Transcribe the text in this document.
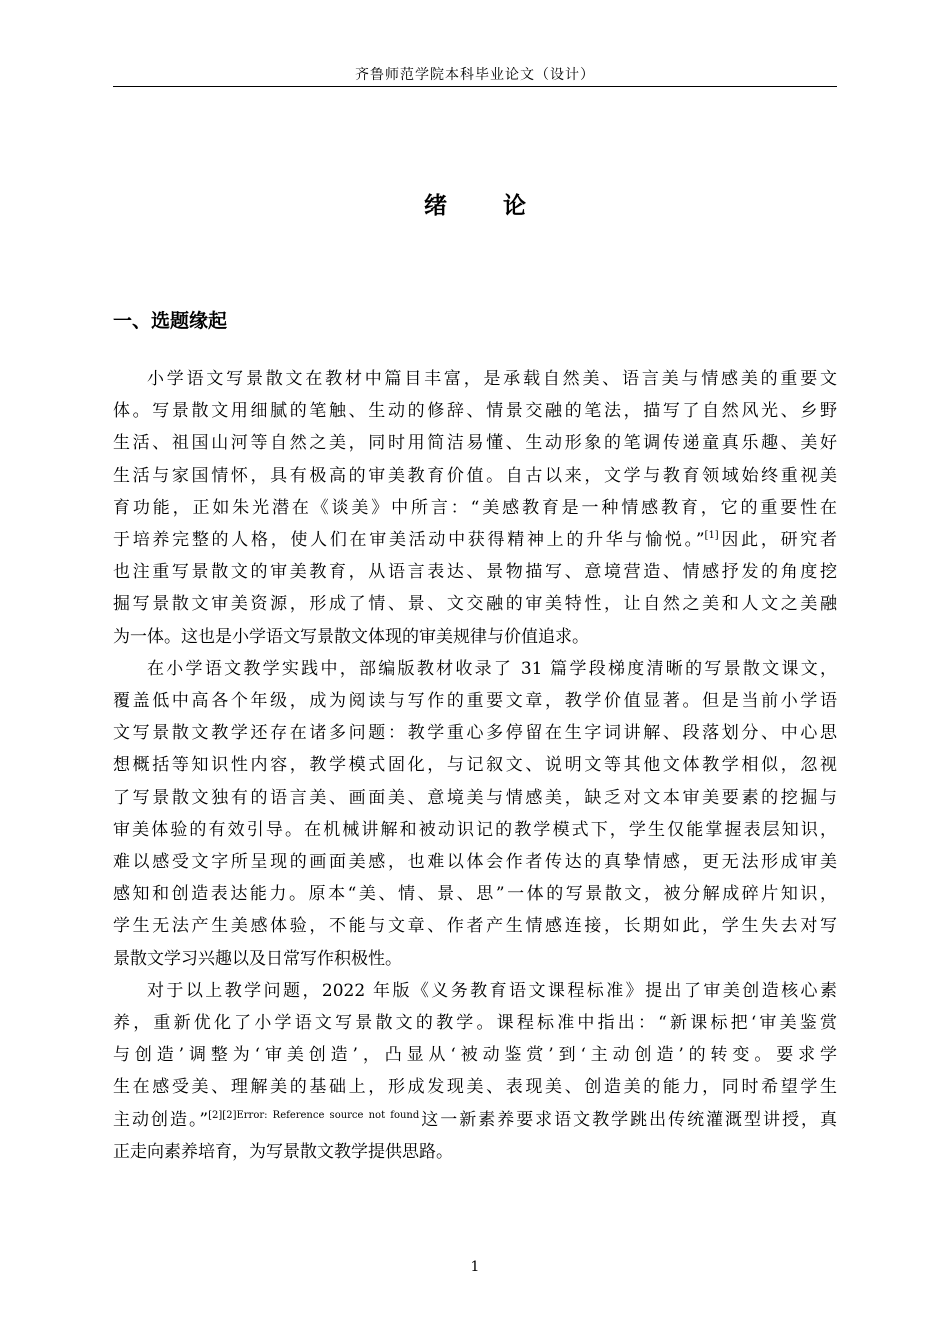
齐鲁师范学院本科毕业论文（设计）
绪 论
一、选题缘起

小学语文写景散文在教材中篇目丰富，是承载自然美、语言美与情感美的重要文
体。写景散文用细腻的笔触、生动的修辞、情景交融的笔法，描写了自然风光、乡野
生活、祖国山河等自然之美，同时用简洁易懂、生动形象的笔调传递童真乐趣、美好
生活与家国情怀，具有极高的审美教育价值。自古以来，文学与教育领域始终重视美
育功能，正如朱光潜在《谈美》中所言：“美感教育是一种情感教育，它的重要性在
于培养完整的人格，使人们在审美活动中获得精神上的升华与愉悦。”[1]因此，研究者
也注重写景散文的审美教育，从语言表达、景物描写、意境营造、情感抒发的角度挖
掘写景散文审美资源，形成了情、景、文交融的审美特性，让自然之美和人文之美融
为一体。这也是小学语文写景散文体现的审美规律与价值追求。

在小学语文教学实践中，部编版教材收录了 31 篇学段梯度清晰的写景散文课文，
覆盖低中高各个年级，成为阅读与写作的重要文章，教学价值显著。但是当前小学语
文写景散文教学还存在诸多问题：教学重心多停留在生字词讲解、段落划分、中心思
想概括等知识性内容，教学模式固化，与记叙文、说明文等其他文体教学相似，忽视
了写景散文独有的语言美、画面美、意境美与情感美，缺乏对文本审美要素的挖掘与
审美体验的有效引导。在机械讲解和被动识记的教学模式下，学生仅能掌握表层知识，
难以感受文字所呈现的画面美感，也难以体会作者传达的真挚情感，更无法形成审美
感知和创造表达能力。原本“美、情、景、思”一体的写景散文，被分解成碎片知识，
学生无法产生美感体验，不能与文章、作者产生情感连接，长期如此，学生失去对写
景散文学习兴趣以及日常写作积极性。

对于以上教学问题，2022 年版《义务教育语文课程标准》提出了审美创造核心素
养，重新优化了小学语文写景散文的教学。课程标准中指出：“新课标把‘审美鉴赏
与创造’调整为‘审美创造’，凸显从‘被动鉴赏’到‘主动创造’的转变。要求学
生在感受美、理解美的基础上，形成发现美、表现美、创造美的能力，同时希望学生
主动创造。”$^{[2][2]Error: Reference source not found}$这一新素养要求语文教学跳出传统灌溉型讲授，真
正走向素养培育，为写景散文教学提供思路。

1
